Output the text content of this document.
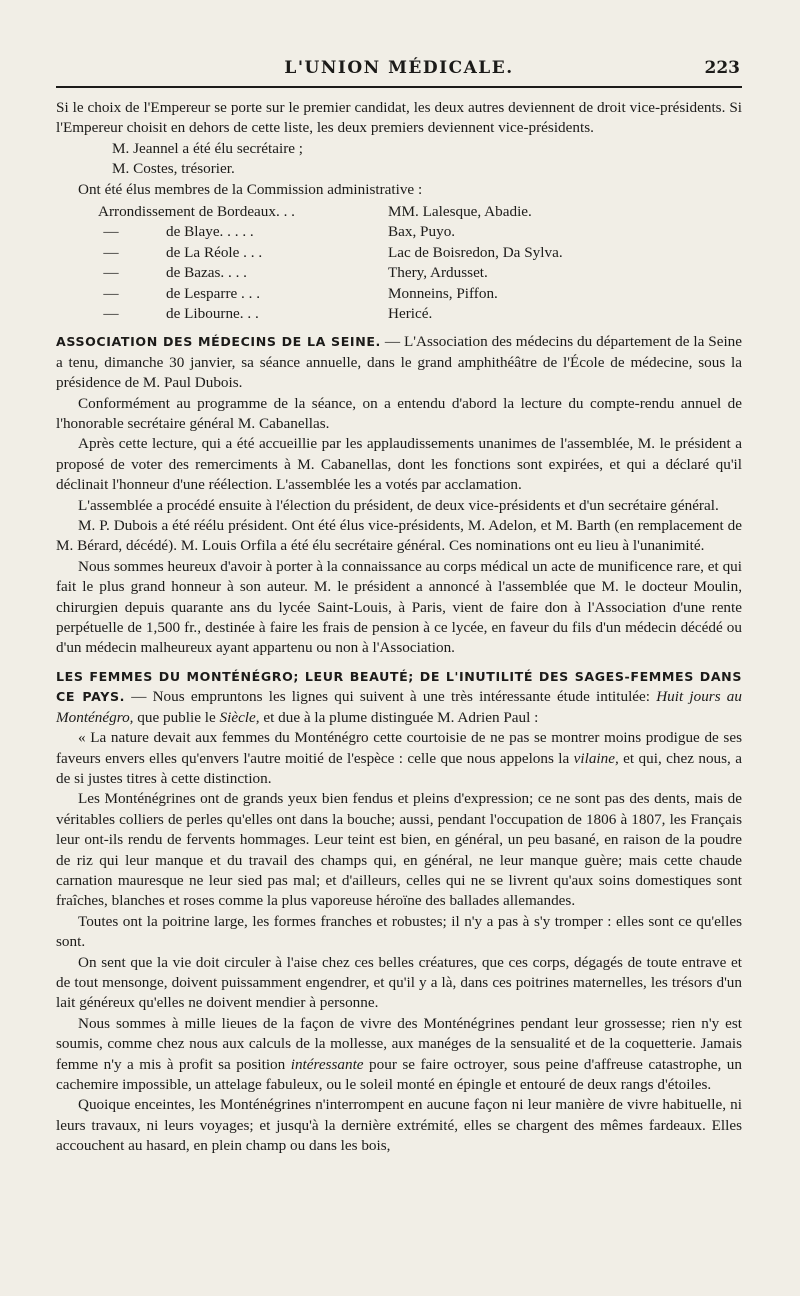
L'UNION MÉDICALE.	223

Si le choix de l'Empereur se porte sur le premier candidat, les deux autres deviennent de droit vice-présidents. Si l'Empereur choisit en dehors de cette liste, les deux premiers deviennent vice-présidents.

M. Jeannel a été élu secrétaire ;

M. Costes, trésorier.

Ont été élus membres de la Commission administrative :

Arrondissement de Bordeaux. . .	MM. Lalesque, Abadie.
—	de Blaye. . . . .	Bax, Puyo.
—	de La Réole . . .	Lac de Boisredon, Da Sylva.
—	de Bazas. . . .	Thery, Ardusset.
—	de Lesparre . . .	Monneins, Piffon.
—	de Libourne. . .	Hericé.

ASSOCIATION DES MÉDECINS DE LA SEINE. — L'Association des médecins du département de la Seine a tenu, dimanche 30 janvier, sa séance annuelle, dans le grand amphithéâtre de l'École de médecine, sous la présidence de M. Paul Dubois.

Conformément au programme de la séance, on a entendu d'abord la lecture du compte-rendu annuel de l'honorable secrétaire général M. Cabanellas.

Après cette lecture, qui a été accueillie par les applaudissements unanimes de l'assemblée, M. le président a proposé de voter des remerciments à M. Cabanellas, dont les fonctions sont expirées, et qui a déclaré qu'il déclinait l'honneur d'une réélection. L'assemblée les a votés par acclamation.

L'assemblée a procédé ensuite à l'élection du président, de deux vice-présidents et d'un secrétaire général.

M. P. Dubois a été réélu président. Ont été élus vice-présidents, M. Adelon, et M. Barth (en remplacement de M. Bérard, décédé). M. Louis Orfila a été élu secrétaire général. Ces nominations ont eu lieu à l'unanimité.

Nous sommes heureux d'avoir à porter à la connaissance au corps médical un acte de munificence rare, et qui fait le plus grand honneur à son auteur. M. le président a annoncé à l'assemblée que M. le docteur Moulin, chirurgien depuis quarante ans du lycée Saint-Louis, à Paris, vient de faire don à l'Association d'une rente perpétuelle de 1,500 fr., destinée à faire les frais de pension à ce lycée, en faveur du fils d'un médecin décédé ou d'un médecin malheureux ayant appartenu ou non à l'Association.

LES FEMMES DU MONTÉNÉGRO; LEUR BEAUTÉ; DE L'INUTILITÉ DES SAGES-FEMMES DANS CE PAYS. — Nous empruntons les lignes qui suivent à une très intéressante étude intitulée: Huit jours au Monténégro, que publie le Siècle, et due à la plume distinguée M. Adrien Paul :

« La nature devait aux femmes du Monténégro cette courtoisie de ne pas se montrer moins prodigue de ses faveurs envers elles qu'envers l'autre moitié de l'espèce : celle que nous appelons la vilaine, et qui, chez nous, a de si justes titres à cette distinction.

Les Monténégrines ont de grands yeux bien fendus et pleins d'expression; ce ne sont pas des dents, mais de véritables colliers de perles qu'elles ont dans la bouche; aussi, pendant l'occupation de 1806 à 1807, les Français leur ont-ils rendu de fervents hommages. Leur teint est bien, en général, un peu basané, en raison de la poudre de riz qui leur manque et du travail des champs qui, en général, ne leur manque guère; mais cette chaude carnation mauresque ne leur sied pas mal; et d'ailleurs, celles qui ne se livrent qu'aux soins domestiques sont fraîches, blanches et roses comme la plus vaporeuse héroïne des ballades allemandes.

Toutes ont la poitrine large, les formes franches et robustes; il n'y a pas à s'y tromper : elles sont ce qu'elles sont.

On sent que la vie doit circuler à l'aise chez ces belles créatures, que ces corps, dégagés de toute entrave et de tout mensonge, doivent puissamment engendrer, et qu'il y a là, dans ces poitrines maternelles, les trésors d'un lait généreux qu'elles ne doivent mendier à personne.

Nous sommes à mille lieues de la façon de vivre des Monténégrines pendant leur grossesse; rien n'y est soumis, comme chez nous aux calculs de la mollesse, aux manéges de la sensualité et de la coquetterie. Jamais femme n'y a mis à profit sa position intéressante pour se faire octroyer, sous peine d'affreuse catastrophe, un cachemire impossible, un attelage fabuleux, ou le soleil monté en épingle et entouré de deux rangs d'étoiles.

Quoique enceintes, les Monténégrines n'interrompent en aucune façon ni leur manière de vivre habituelle, ni leurs travaux, ni leurs voyages; et jusqu'à la dernière extrémité, elles se chargent des mêmes fardeaux. Elles accouchent au hasard, en plein champ ou dans les bois,
